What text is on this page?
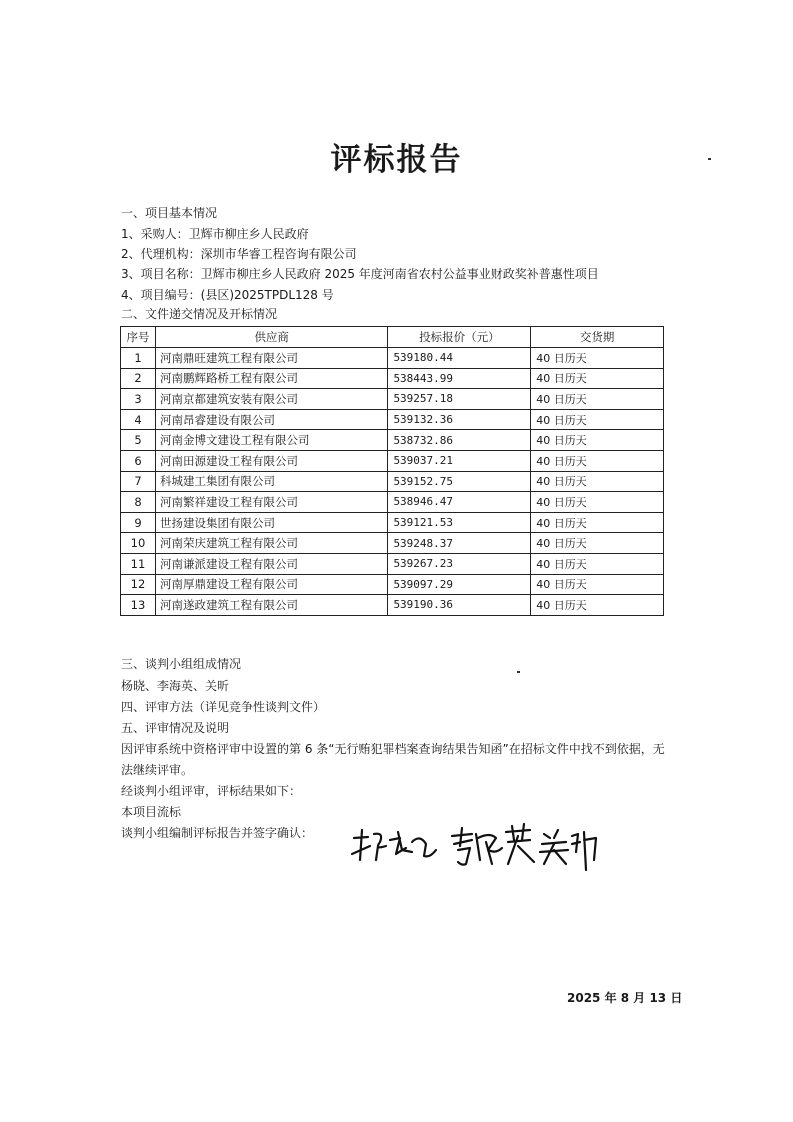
评标报告
一、项目基本情况
1、采购人：卫辉市柳庄乡人民政府
2、代理机构：深圳市华睿工程咨询有限公司
3、项目名称：卫辉市柳庄乡人民政府 2025 年度河南省农村公益事业财政奖补普惠性项目
4、项目编号：(县区)2025TPDL128 号
二、文件递交情况及开标情况
序号	供应商	投标报价（元）	交货期
1	河南鼎旺建筑工程有限公司	539180.44	40 日历天
2	河南鹏辉路桥工程有限公司	538443.99	40 日历天
3	河南京都建筑安装有限公司	539257.18	40 日历天
4	河南昂睿建设有限公司	539132.36	40 日历天
5	河南金博文建设工程有限公司	538732.86	40 日历天
6	河南田源建设工程有限公司	539037.21	40 日历天
7	科城建工集团有限公司	539152.75	40 日历天
8	河南繁祥建设工程有限公司	538946.47	40 日历天
9	世扬建设集团有限公司	539121.53	40 日历天
10	河南荣庆建筑工程有限公司	539248.37	40 日历天
11	河南谦派建设工程有限公司	539267.23	40 日历天
12	河南厚鼎建设工程有限公司	539097.29	40 日历天
13	河南遂政建筑工程有限公司	539190.36	40 日历天
三、谈判小组组成情况
杨晓、李海英、关昕
四、评审方法（详见竞争性谈判文件）
五、评审情况及说明
因评审系统中资格评审中设置的第 6 条“无行贿犯罪档案查询结果告知函”在招标文件中找不到依据，无
法继续评审。
经谈判小组评审，评标结果如下：
本项目流标
谈判小组编制评标报告并签字确认：
2025 年 8 月 13 日
